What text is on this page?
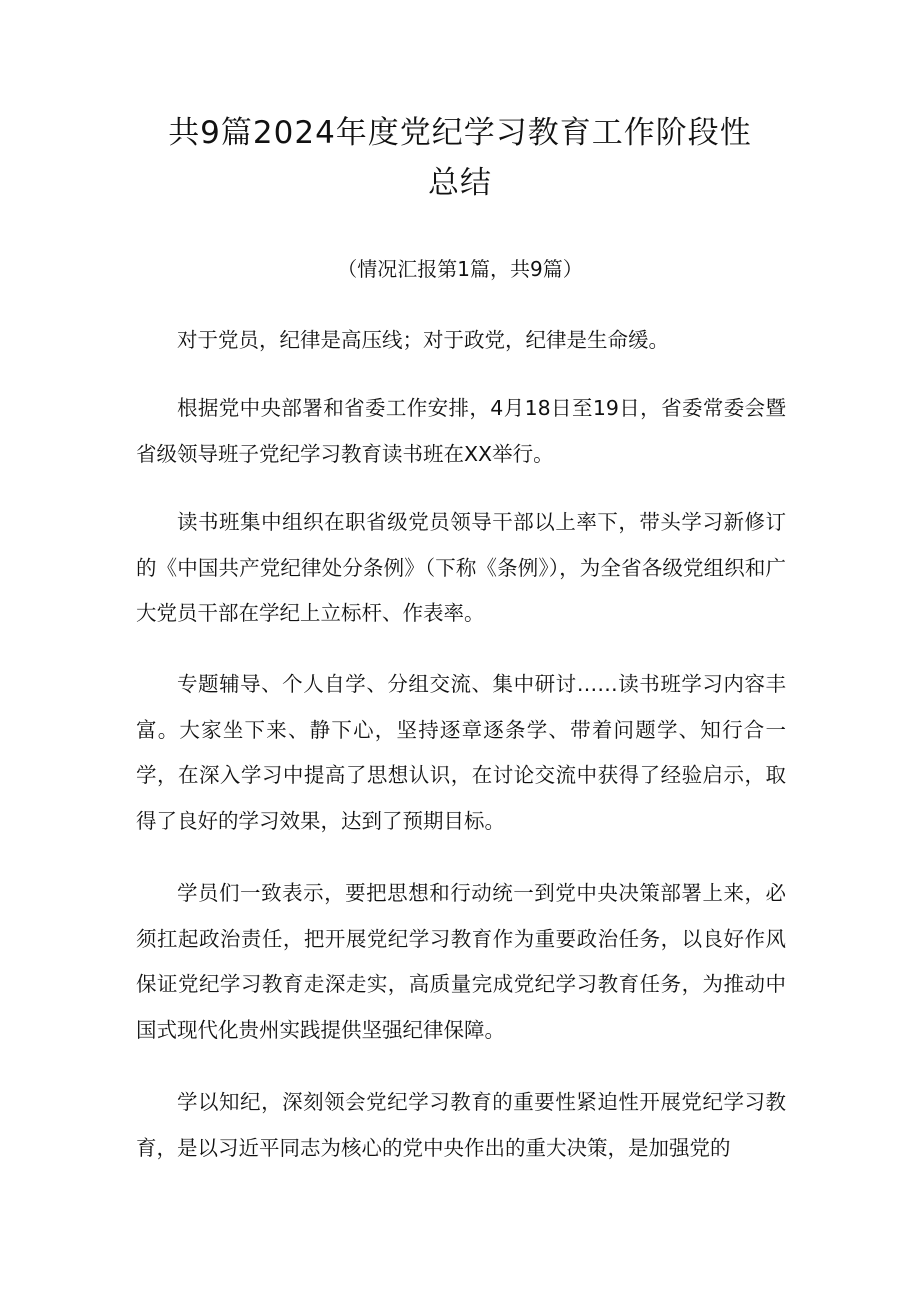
共9篇2024年度党纪学习教育工作阶段性
总结

（情况汇报第1篇，共9篇）

对于党员，纪律是高压线；对于政党，纪律是生命缓。

根据党中央部署和省委工作安排，4月18日至19日，省委常委会暨省级领导班子党纪学习教育读书班在XX举行。

读书班集中组织在职省级党员领导干部以上率下，带头学习新修订的《中国共产党纪律处分条例》（下称《条例》），为全省各级党组织和广大党员干部在学纪上立标杆、作表率。

专题辅导、个人自学、分组交流、集中研讨……读书班学习内容丰富。大家坐下来、静下心，坚持逐章逐条学、带着问题学、知行合一学，在深入学习中提高了思想认识，在讨论交流中获得了经验启示，取得了良好的学习效果，达到了预期目标。

学员们一致表示，要把思想和行动统一到党中央决策部署上来，必须扛起政治责任，把开展党纪学习教育作为重要政治任务，以良好作风保证党纪学习教育走深走实，高质量完成党纪学习教育任务，为推动中国式现代化贵州实践提供坚强纪律保障。

学以知纪，深刻领会党纪学习教育的重要性紧迫性开展党纪学习教育，是以习近平同志为核心的党中央作出的重大决策，是加强党的
